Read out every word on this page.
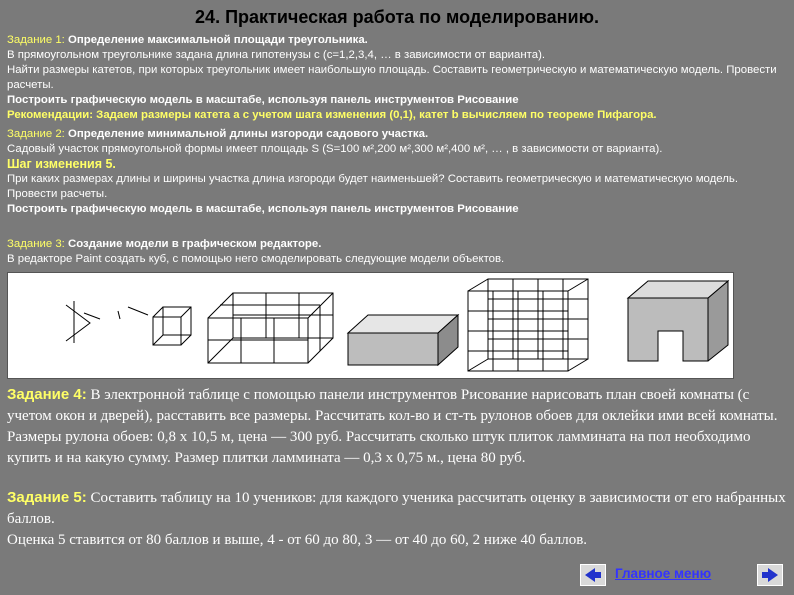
24. Практическая работа по моделированию.
Задание 1: Определение максимальной площади треугольника.
В прямоугольном треугольнике задана длина гипотенузы c (c=1,2,3,4, … в зависимости от варианта).
Найти размеры катетов, при которых треугольник имеет наибольшую площадь. Составить геометрическую и математическую модель. Провести расчеты.
Построить графическую модель в масштабе, используя панель инструментов Рисование
Рекомендации: Задаем размеры катета а с учетом шага изменения (0,1), катет b вычисляем по теореме Пифагора.
Задание 2: Определение минимальной длины изгороди садового участка.
Садовый участок прямоугольной формы имеет площадь S (S=100 м²,200 м²,300 м²,400 м², … , в зависимости от варианта).
Шаг изменения 5.
При каких размерах длины и ширины участка длина изгороди будет наименьшей? Составить геометрическую и математическую модель. Провести расчеты.
Построить графическую модель в масштабе, используя панель инструментов Рисование
Задание 3: Создание модели в графическом редакторе.
В редакторе Paint создать куб, с помощью него смоделировать следующие модели объектов.
Задание 4: В электронной таблице с помощью панели инструментов Рисование нарисовать план своей комнаты (с учетом окон и дверей), расставить все размеры. Рассчитать кол-во и ст-ть рулонов обоев для оклейки ими всей комнаты. Размеры рулона обоев: 0,8 х 10,5 м, цена — 300 руб. Рассчитать сколько штук плиток ламмината на пол необходимо купить и на какую сумму. Размер плитки ламмината — 0,3 х 0,75 м., цена 80 руб.
Задание 5: Составить таблицу на 10 учеников: для каждого ученика рассчитать оценку в зависимости от его набранных баллов.
Оценка 5 ставится от 80 баллов и выше, 4 - от 60 до 80, 3 — от 40 до 60, 2 ниже 40 баллов.
Главное меню
